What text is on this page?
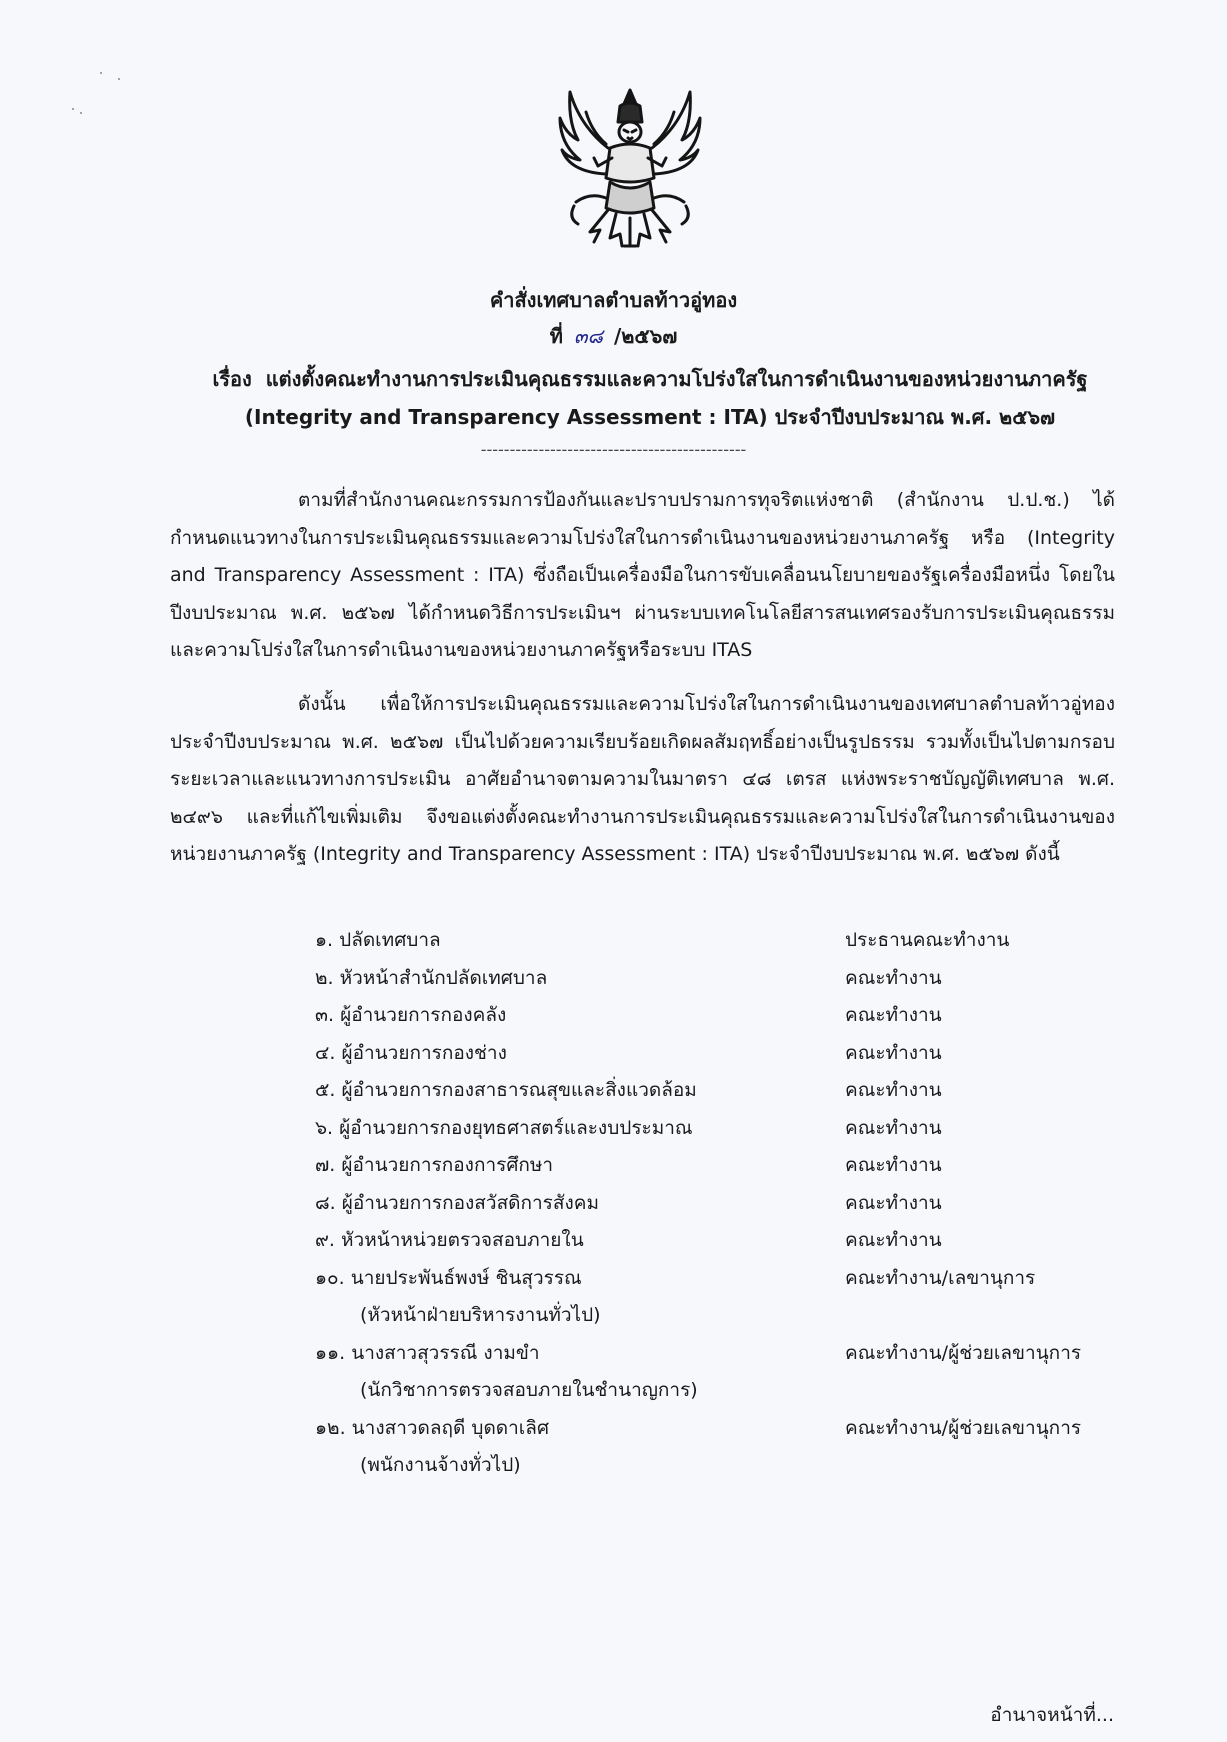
คำสั่งเทศบาลตำบลท้าวอู่ทอง
ที่ ๓๘ /๒๕๖๗
เรื่อง แต่งตั้งคณะทำงานการประเมินคุณธรรมและความโปร่งใสในการดำเนินงานของหน่วยงานภาครัฐ
(Integrity and Transparency Assessment : ITA) ประจำปีงบประมาณ พ.ศ. ๒๕๖๗
----------------------------------------------
ตามที่สำนักงานคณะกรรมการป้องกันและปราบปรามการทุจริตแห่งชาติ (สำนักงาน ป.ป.ช.) ได้กำหนดแนวทางในการประเมินคุณธรรมและความโปร่งใสในการดำเนินงานของหน่วยงานภาครัฐ หรือ (Integrity and Transparency Assessment : ITA) ซึ่งถือเป็นเครื่องมือในการขับเคลื่อนนโยบายของรัฐเครื่องมือหนึ่ง โดยในปีงบประมาณ พ.ศ. ๒๕๖๗ ได้กำหนดวิธีการประเมินฯ ผ่านระบบเทคโนโลยีสารสนเทศรองรับการประเมินคุณธรรมและความโปร่งใสในการดำเนินงานของหน่วยงานภาครัฐหรือระบบ ITAS
ดังนั้น เพื่อให้การประเมินคุณธรรมและความโปร่งใสในการดำเนินงานของเทศบาลตำบลท้าวอู่ทอง ประจำปีงบประมาณ พ.ศ. ๒๕๖๗ เป็นไปด้วยความเรียบร้อยเกิดผลสัมฤทธิ์อย่างเป็นรูปธรรม รวมทั้งเป็นไปตามกรอบระยะเวลาและแนวทางการประเมิน อาศัยอำนาจตามความในมาตรา ๔๘ เตรส แห่งพระราชบัญญัติเทศบาล พ.ศ. ๒๔๙๖ และที่แก้ไขเพิ่มเติม จึงขอแต่งตั้งคณะทำงานการประเมินคุณธรรมและความโปร่งใสในการดำเนินงานของหน่วยงานภาครัฐ (Integrity and Transparency Assessment : ITA) ประจำปีงบประมาณ พ.ศ. ๒๕๖๗ ดังนี้
๑. ปลัดเทศบาล	ประธานคณะทำงาน
๒. หัวหน้าสำนักปลัดเทศบาล	คณะทำงาน
๓. ผู้อำนวยการกองคลัง	คณะทำงาน
๔. ผู้อำนวยการกองช่าง	คณะทำงาน
๕. ผู้อำนวยการกองสาธารณสุขและสิ่งแวดล้อม	คณะทำงาน
๖. ผู้อำนวยการกองยุทธศาสตร์และงบประมาณ	คณะทำงาน
๗. ผู้อำนวยการกองการศึกษา	คณะทำงาน
๘. ผู้อำนวยการกองสวัสดิการสังคม	คณะทำงาน
๙. หัวหน้าหน่วยตรวจสอบภายใน	คณะทำงาน
๑๐. นายประพันธ์พงษ์ ชินสุวรรณ	คณะทำงาน/เลขานุการ
(หัวหน้าฝ่ายบริหารงานทั่วไป)
๑๑. นางสาวสุวรรณี งามขำ	คณะทำงาน/ผู้ช่วยเลขานุการ
(นักวิชาการตรวจสอบภายในชำนาญการ)
๑๒. นางสาวดลฤดี บุดดาเลิศ	คณะทำงาน/ผู้ช่วยเลขานุการ
(พนักงานจ้างทั่วไป)
อำนาจหน้าที่...
